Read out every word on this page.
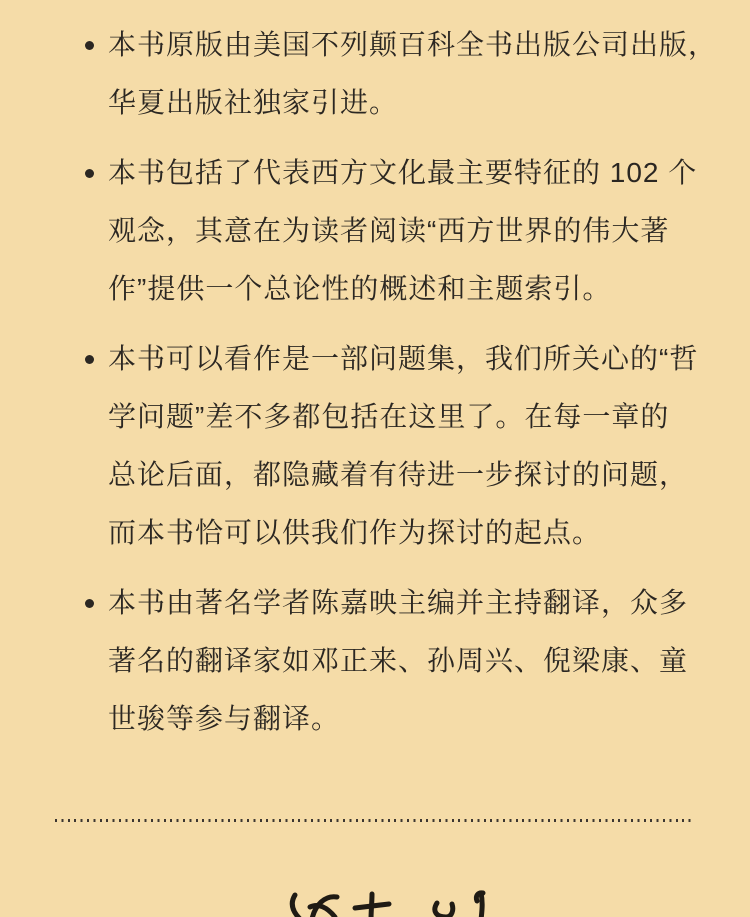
本书原版由美国不列颠百科全书出版公司出版，
华夏出版社独家引进。
本书包括了代表西方文化最主要特征的 102 个
观念，其意在为读者阅读“西方世界的伟大著
作”提供一个总论性的概述和主题索引。
本书可以看作是一部问题集，我们所关心的“哲
学问题”差不多都包括在这里了。在每一章的
总论后面，都隐藏着有待进一步探讨的问题，
而本书恰可以供我们作为探讨的起点。
本书由著名学者陈嘉映主编并主持翻译，众多
著名的翻译家如邓正来、孙周兴、倪梁康、童
世骏等参与翻译。
